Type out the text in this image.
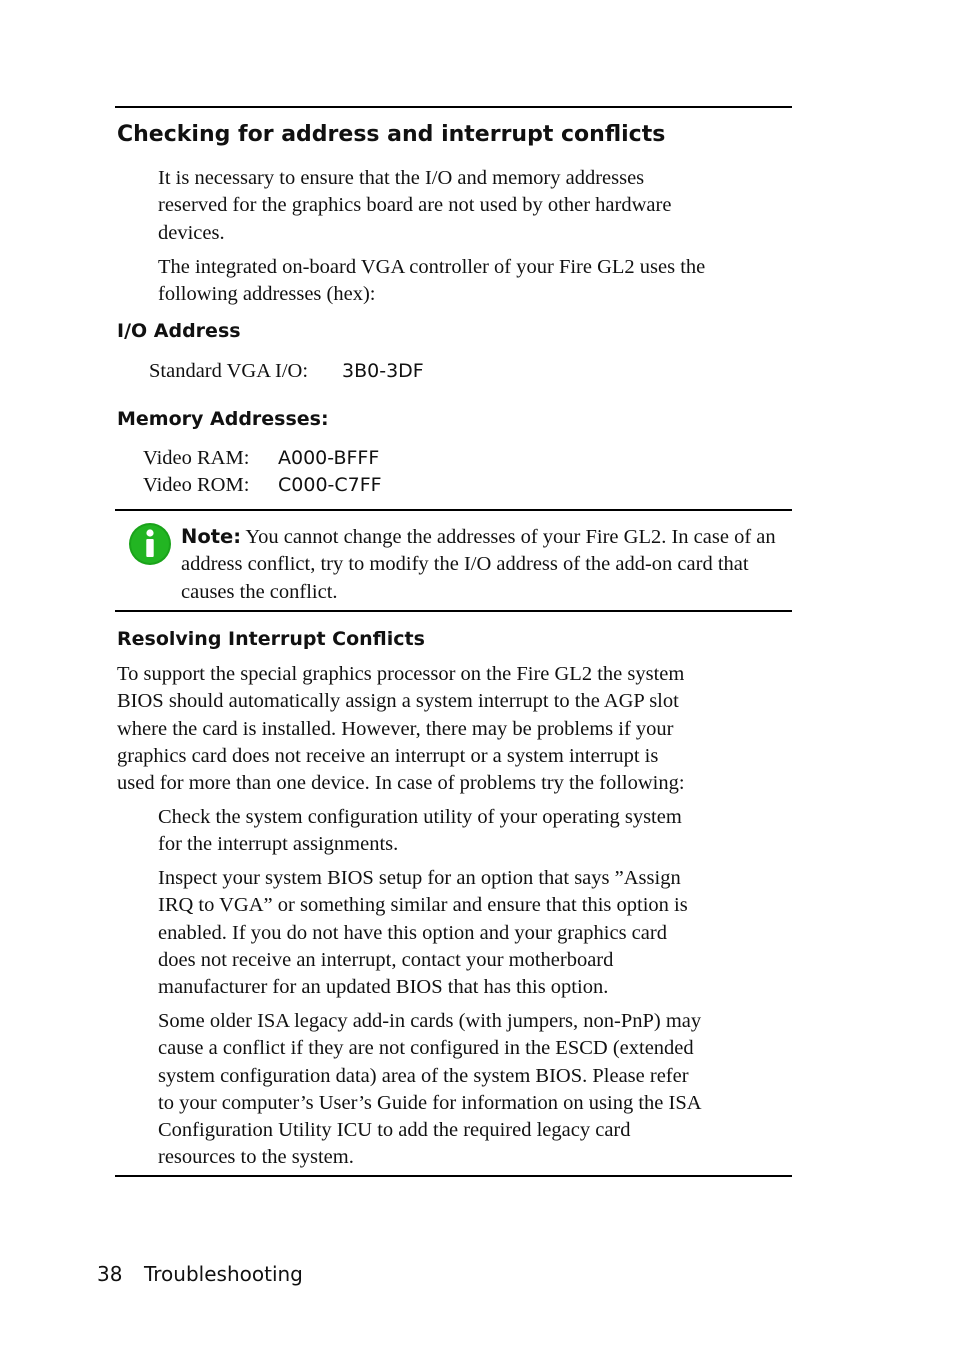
Checking for address and interrupt conflicts

It is necessary to ensure that the I/O and memory addresses
reserved for the graphics board are not used by other hardware
devices.

The integrated on-board VGA controller of your Fire GL2 uses the
following addresses (hex):

I/O Address
Standard VGA I/O: 3B0-3DF
Memory Addresses:
Video RAM: A000-BFFF
Video ROM: C000-C7FF

Note: You cannot change the addresses of your Fire GL2. In case of an address conflict, try to modify the I/O address of the add-on card that causes the conflict.

Resolving Interrupt Conflicts

To support the special graphics processor on the Fire GL2 the system
BIOS should automatically assign a system interrupt to the AGP slot
where the card is installed. However, there may be problems if your
graphics card does not receive an interrupt or a system interrupt is
used for more than one device. In case of problems try the following:

Check the system configuration utility of your operating system
for the interrupt assignments.

Inspect your system BIOS setup for an option that says ”Assign
IRQ to VGA” or something similar and ensure that this option is
enabled. If you do not have this option and your graphics card
does not receive an interrupt, contact your motherboard
manufacturer for an updated BIOS that has this option.

Some older ISA legacy add-in cards (with jumpers, non-PnP) may
cause a conflict if they are not configured in the ESCD (extended
system configuration data) area of the system BIOS. Please refer
to your computer’s User’s Guide for information on using the ISA
Configuration Utility ICU to add the required legacy card
resources to the system.

38 Troubleshooting
